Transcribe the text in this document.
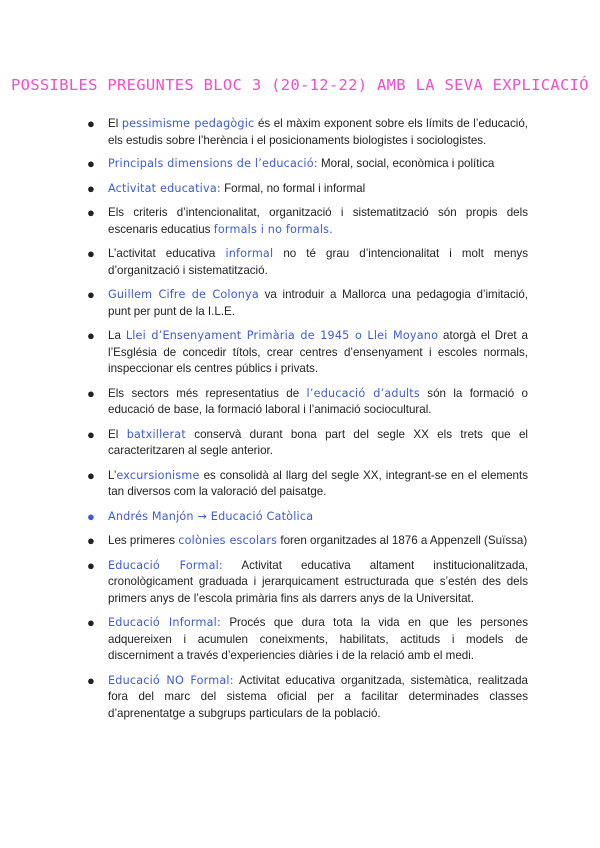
POSSIBLES PREGUNTES BLOC 3 (20-12-22) AMB LA SEVA EXPLICACIÓ
● El pessimisme pedagògic és el màxim exponent sobre els límits de l’educació, els estudis sobre l’herència i el posicionaments biologistes i sociologistes.
● Principals dimensions de l’educació: Moral, social, econòmica i política
● Activitat educativa: Formal, no formal i informal
● Els criteris d’intencionalitat, organització i sistematització són propis dels escenaris educatius formals i no formals.
● L’activitat educativa informal no té grau d’intencionalitat i molt menys d’organització i sistematització.
● Guillem Cifre de Colonya va introduir a Mallorca una pedagogia d’imitació, punt per punt de la I.L.E.
● La Llei d’Ensenyament Primària de 1945 o Llei Moyano atorgà el Dret a l’Església de concedir títols, crear centres d’ensenyament i escoles normals, inspeccionar els centres públics i privats.
● Els sectors més representatius de l’educació d’adults són la formació o educació de base, la formació laboral i l’animació sociocultural.
● El batxillerat conservà durant bona part del segle XX els trets que el caracteritzaren al segle anterior.
● L’excursionisme es consolidà al llarg del segle XX, integrant-se en el elements tan diversos com la valoració del paisatge.
● Andrés Manjón → Educació Catòlica
● Les primeres colònies escolars foren organitzades al 1876 a Appenzell (Suïssa)
● Educació Formal: Activitat educativa altament institucionalitzada, cronològicament graduada i jerarquicament estructurada que s’estén des dels primers anys de l’escola primària fins als darrers anys de la Universitat.
● Educació Informal: Procés que dura tota la vida en que les persones adquereixen i acumulen coneixments, habilitats, actituds i models de discerniment a través d’experiencies diàries i de la relació amb el medi.
● Educació NO Formal: Activitat educativa organitzada, sistemàtica, realitzada fora del marc del sistema oficial per a facilitar determinades classes d’aprenentatge a subgrups particulars de la població.
